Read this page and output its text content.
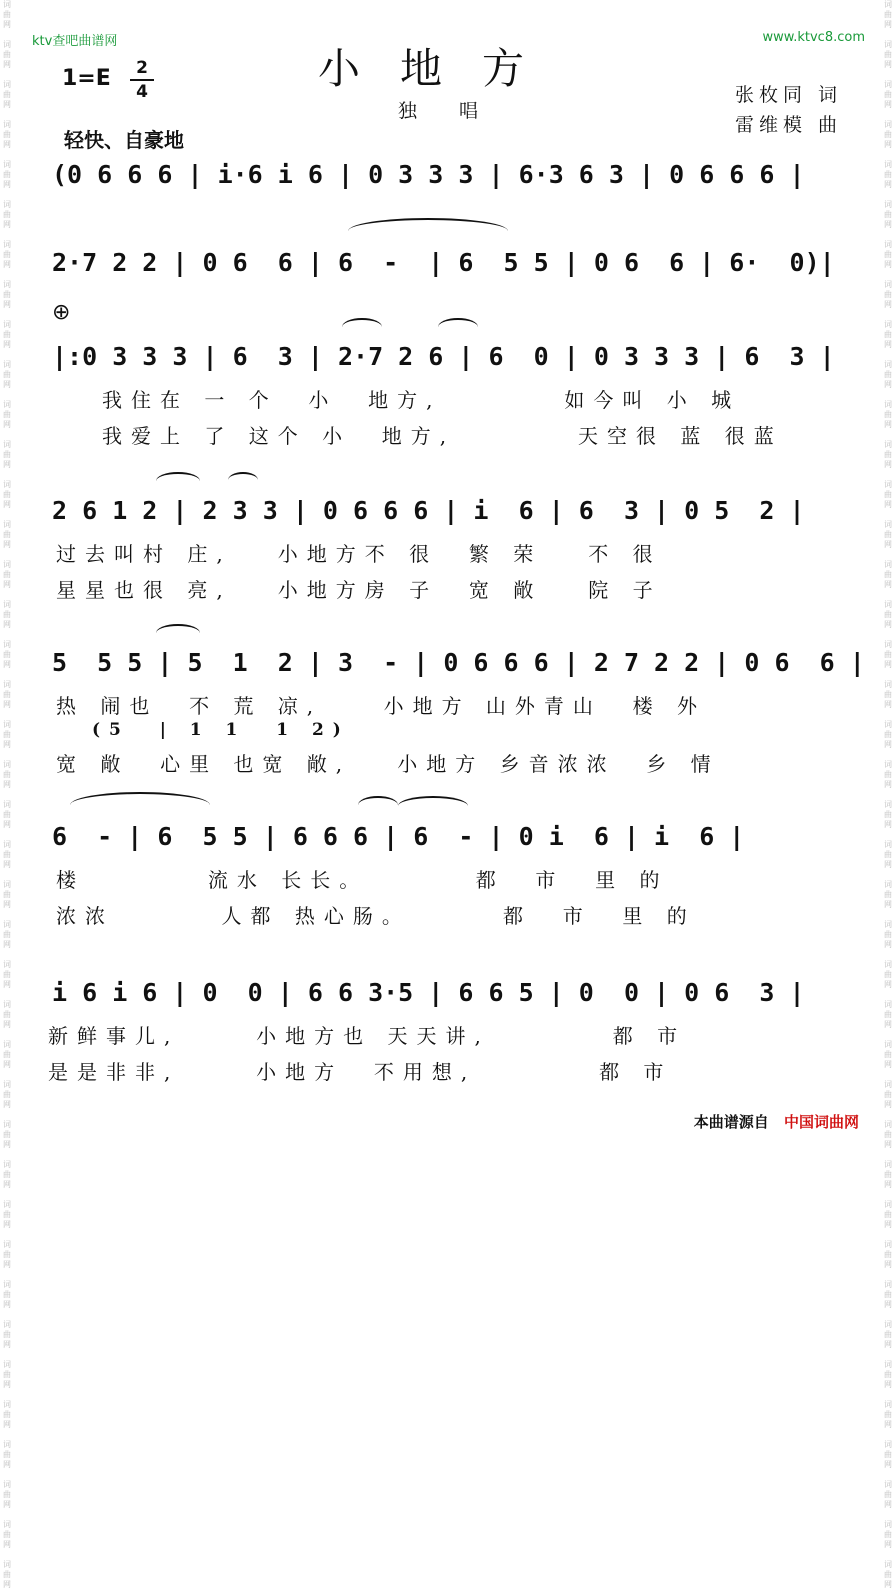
词
曲
网

词
曲
网

词
曲
网

词
曲
网

词
曲
网

词
曲
网

词
曲
网

词
曲
网

词
曲
网

词
曲
网

词
曲
网

词
曲
网

词
曲
网

词
曲
网

词
曲
网

词
曲
网

词
曲
网

词
曲
网

词
曲
网

词
曲
网

词
曲
网

词
曲
网

词
曲
网

词
曲
网

词
曲
网

词
曲
网

词
曲
网

词
曲
网

词
曲
网

词
曲
网

词
曲
网

词
曲
网

词
曲
网

词
曲
网

词
曲
网

词
曲
网

词
曲
网

词
曲
网

词
曲
网

词
曲
网

词
曲
网

词
曲
网

词
曲
网

词
曲
网

词
曲
网

词
曲
网

词
曲
网

词
曲
网

词
曲
网

词
曲
网

词
曲
网

词
曲
网

词
曲
网

词
曲
网

词
曲
网

词
曲
网

词
曲
网

词
曲
网

词
曲
网

词
曲
网

词
曲
网

词
曲
网

词
曲
网

词
曲
网

词
曲
网

词
曲
网

词
曲
网

词
曲
网

词
曲
网

词
曲
网

词
曲
网

词
曲
网

词
曲
网

词
曲
网

词
曲
网

词
曲
网

词
曲
网

词
曲
网

词
曲
网

词
曲
网

ktv查吧曲谱网	www.ktvc8.com
1=E	2
4	小地方
独唱
张枚同 词
雷维模 曲
轻快、自豪地
(0 6 6 6 | i·6 i 6 | 0 3 3 3 | 6·3 6 3 | 0 6 6 6 |
2·7 2 2 | 0 6  6 | 6  -  | 6  5 5 | 0 6  6 | 6·  0)|
⊕
|:0 3 3 3 | 6  3 | 2·7 2 6 | 6  0 | 0 3 3 3 | 6  3 |
我住在 一 个  小  地方,        如今叫 小 城
我爱上 了 这个 小  地方,        天空很 蓝 很蓝
2 6 1 2 | 2 3 3 | 0 6 6 6 | i  6 | 6  3 | 0 5  2 |
过去叫村 庄,   小地方不 很  繁 荣   不 很
星星也很 亮,   小地方房 子  宽 敞   院 子
5  5 5 | 5  1  2 | 3  - | 0 6 6 6 | 2 7 2 2 | 0 6  6 |
热 闹也  不 荒 凉,    小地方 山外青山  楼 外
(5  | 1 1  1 2)
宽 敞  心里 也宽 敞,   小地方 乡音浓浓  乡 情
6  - | 6  5 5 | 6 6 6 | 6  - | 0 i  6 | i  6 |
楼        流水 长长。       都  市  里 的
浓浓       人都 热心肠。      都  市  里 的
i 6 i 6 | 0  0 | 6 6 3·5 | 6 6 5 | 0  0 | 0 6  3 |
新鲜事儿,     小地方也 天天讲,        都 市
是是非非,     小地方  不用想,        都 市
本曲谱源自 中国词曲网
